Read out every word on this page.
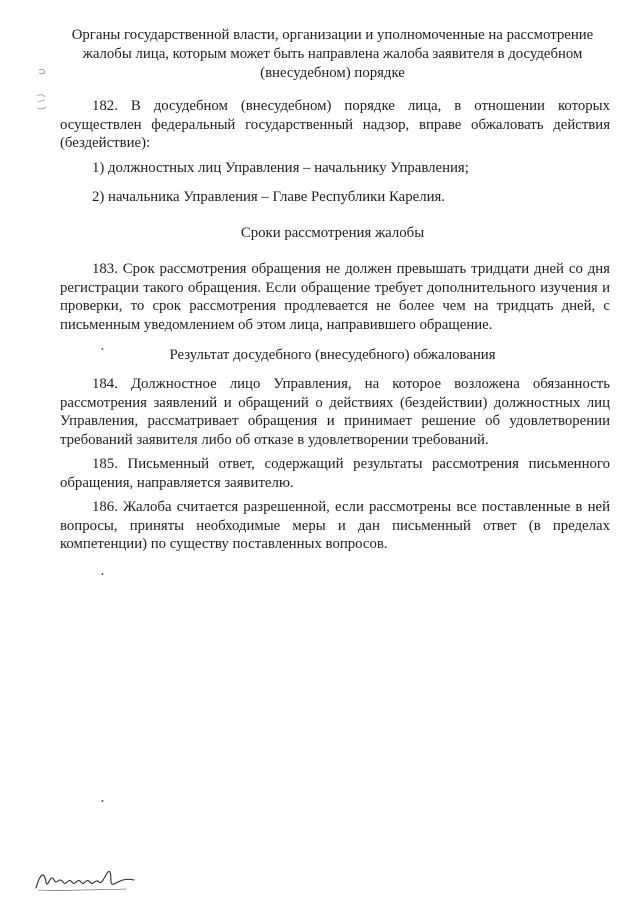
Органы государственной власти, организации и уполномоченные на рассмотрение жалобы лица, которым может быть направлена жалоба заявителя в досудебном (внесудебном) порядке
•
•
•
182. В досудебном (внесудебном) порядке лица, в отношении которых осуществлен федеральный государственный надзор, вправе обжаловать действия (бездействие):
1) должностных лиц Управления – начальнику Управления;
2) начальника Управления – Главе Республики Карелия.
Сроки рассмотрения жалобы
183. Срок рассмотрения обращения не должен превышать тридцати дней со дня регистрации такого обращения. Если обращение требует дополнительного изучения и проверки, то срок рассмотрения продлевается не более чем на тридцать дней, с письменным уведомлением об этом лица, направившего обращение.
Результат досудебного (внесудебного) обжалования
184. Должностное лицо Управления, на которое возложена обязанность рассмотрения заявлений и обращений о действиях (бездействии) должностных лиц Управления, рассматривает обращения и принимает решение об удовлетворении требований заявителя либо об отказе в удовлетворении требований.
185. Письменный ответ, содержащий результаты рассмотрения письменного обращения, направляется заявителю.
186. Жалоба считается разрешенной, если рассмотрены все поставленные в ней вопросы, приняты необходимые меры и дан письменный ответ (в пределах компетенции) по существу поставленных вопросов.
